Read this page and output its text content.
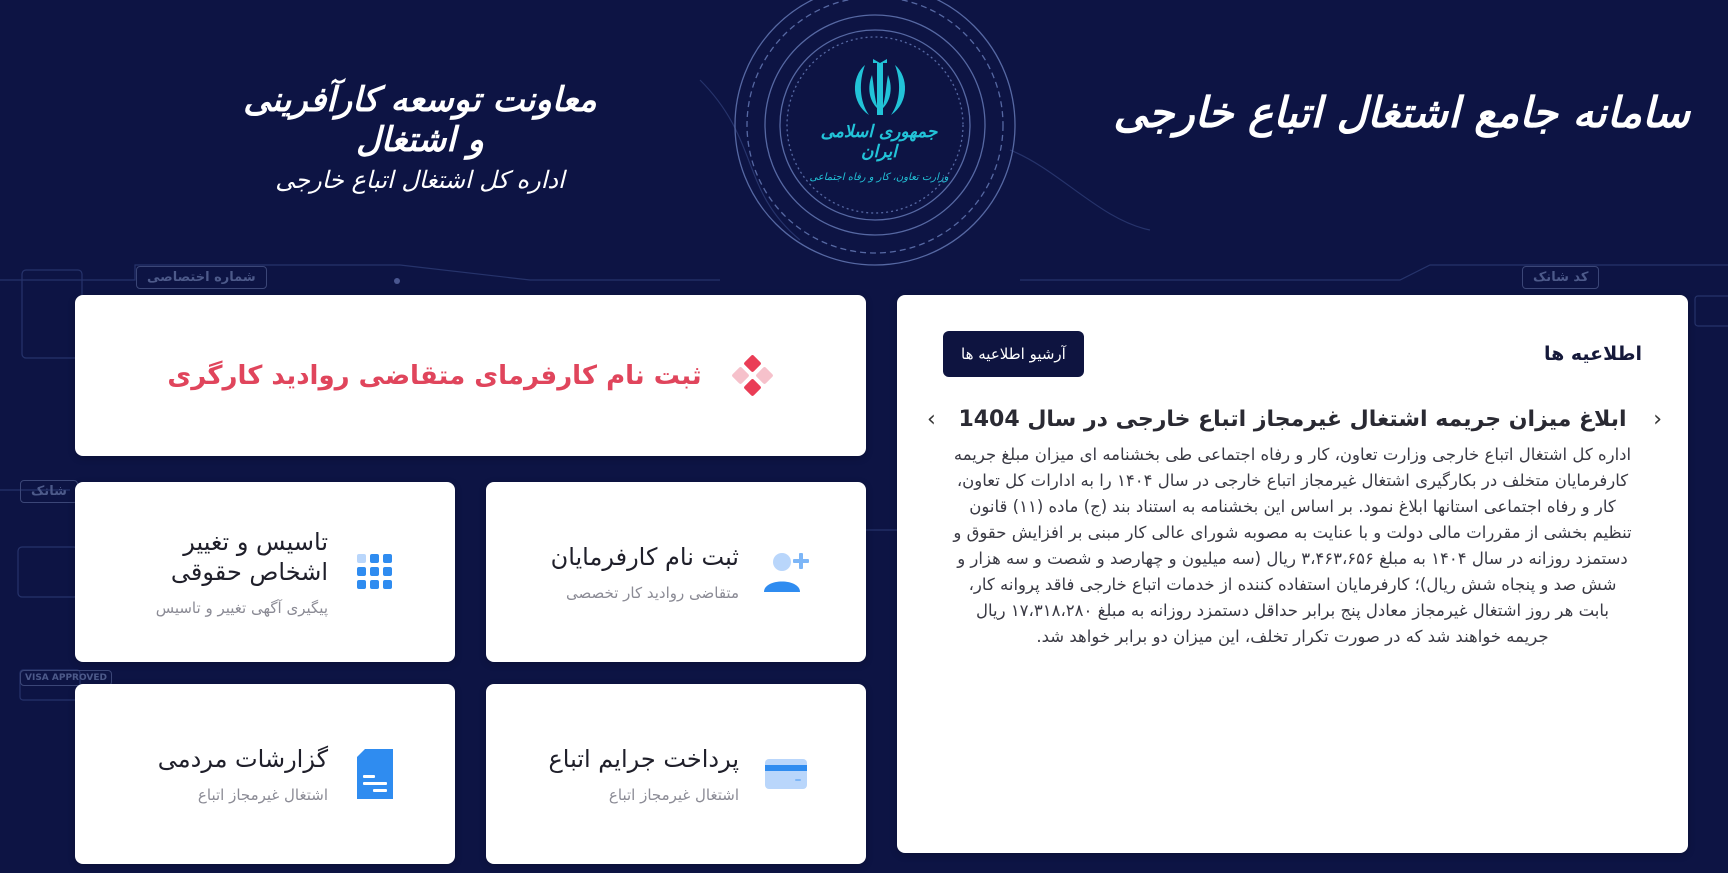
شماره اختصاصی	کد شانک
شانک
VISA APPROVED
سامانه جامع اشتغال اتباع خارجی
معاونت توسعه کارآفرینی و اشتغال
اداره کل اشتغال اتباع خارجی
جمهوری اسلامی ایران
وزارت تعاون، کار و رفاه اجتماعی
ثبت نام کارفرمای متقاضی روادید کارگری
ثبت نام کارفرمایان
متقاضی روادید کار تخصصی
تاسیس و تغییر اشخاص حقوقی
پیگیری آگهی تغییر و تاسیس
پرداخت جرایم اتباع
اشتغال غیرمجاز اتباع
گزارشات مردمی
اشتغال غیرمجاز اتباع
اطلاعیه ها
آرشیو اطلاعیه ها
‹
›	ابلاغ میزان جریمه اشتغال غیرمجاز اتباع خارجی در سال 1404
اداره کل اشتغال اتباع خارجی وزارت تعاون، کار و رفاه اجتماعی طی بخشنامه ای میزان مبلغ جریمه کارفرمایان متخلف در بکارگیری اشتغال غیرمجاز اتباع خارجی در سال ۱۴۰۴ را به ادارات کل تعاون، کار و رفاه اجتماعی استانها ابلاغ نمود. بر اساس این بخشنامه به استناد بند (ج) ماده (۱۱) قانون تنظیم بخشی از مقررات مالی دولت و با عنایت به مصوبه شورای عالی کار مبنی بر افزایش حقوق و دستمزد روزانه در سال ۱۴۰۴ به مبلغ ۳،۴۶۳،۶۵۶ ریال (سه میلیون و چهارصد و شصت و سه هزار و شش صد و پنجاه شش ریال)؛ کارفرمایان استفاده کننده از خدمات اتباع خارجی فاقد پروانه کار، بابت هر روز اشتغال غیرمجاز معادل پنج برابر حداقل دستمزد روزانه به مبلغ ۱۷،۳۱۸،۲۸۰ ریال جریمه خواهند شد که در صورت تکرار تخلف، این میزان دو برابر خواهد شد.
